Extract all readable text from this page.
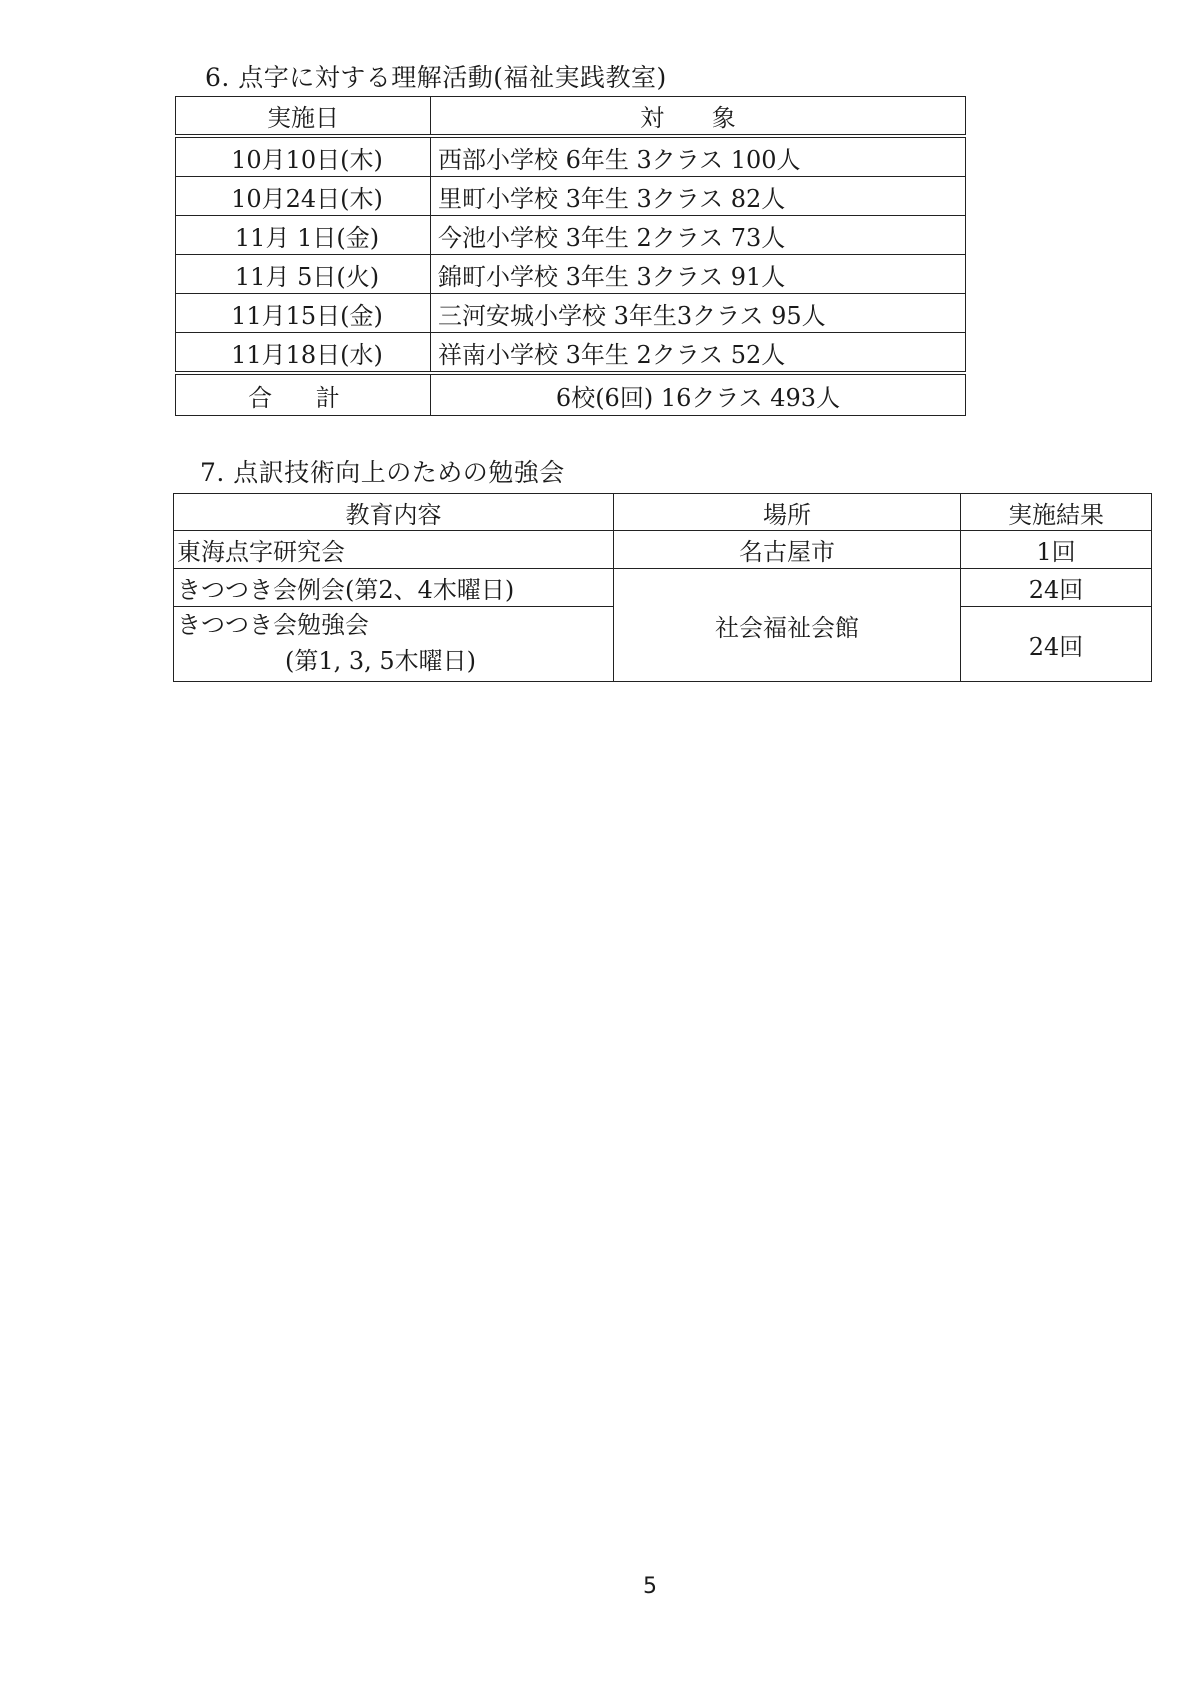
6. 点字に対する理解活動(福祉実践教室)
実施日	対 象
10月10日(木)	西部小学校 6年生 3クラス 100人
10月24日(木)	里町小学校 3年生 3クラス 82人
11月 1日(金)	今池小学校 3年生 2クラス 73人
11月 5日(火)	錦町小学校 3年生 3クラス 91人
11月15日(金)	三河安城小学校 3年生3クラス 95人
11月18日(水)	祥南小学校 3年生 2クラス 52人
合 計	6校(6回) 16クラス 493人
7. 点訳技術向上のための勉強会
教育内容	場所	実施結果
東海点字研究会	名古屋市	1回
きつつき会例会(第2、4木曜日)	社会福祉会館	24回
きつつき会勉強会
(第1, 3, 5木曜日)		24回
5
